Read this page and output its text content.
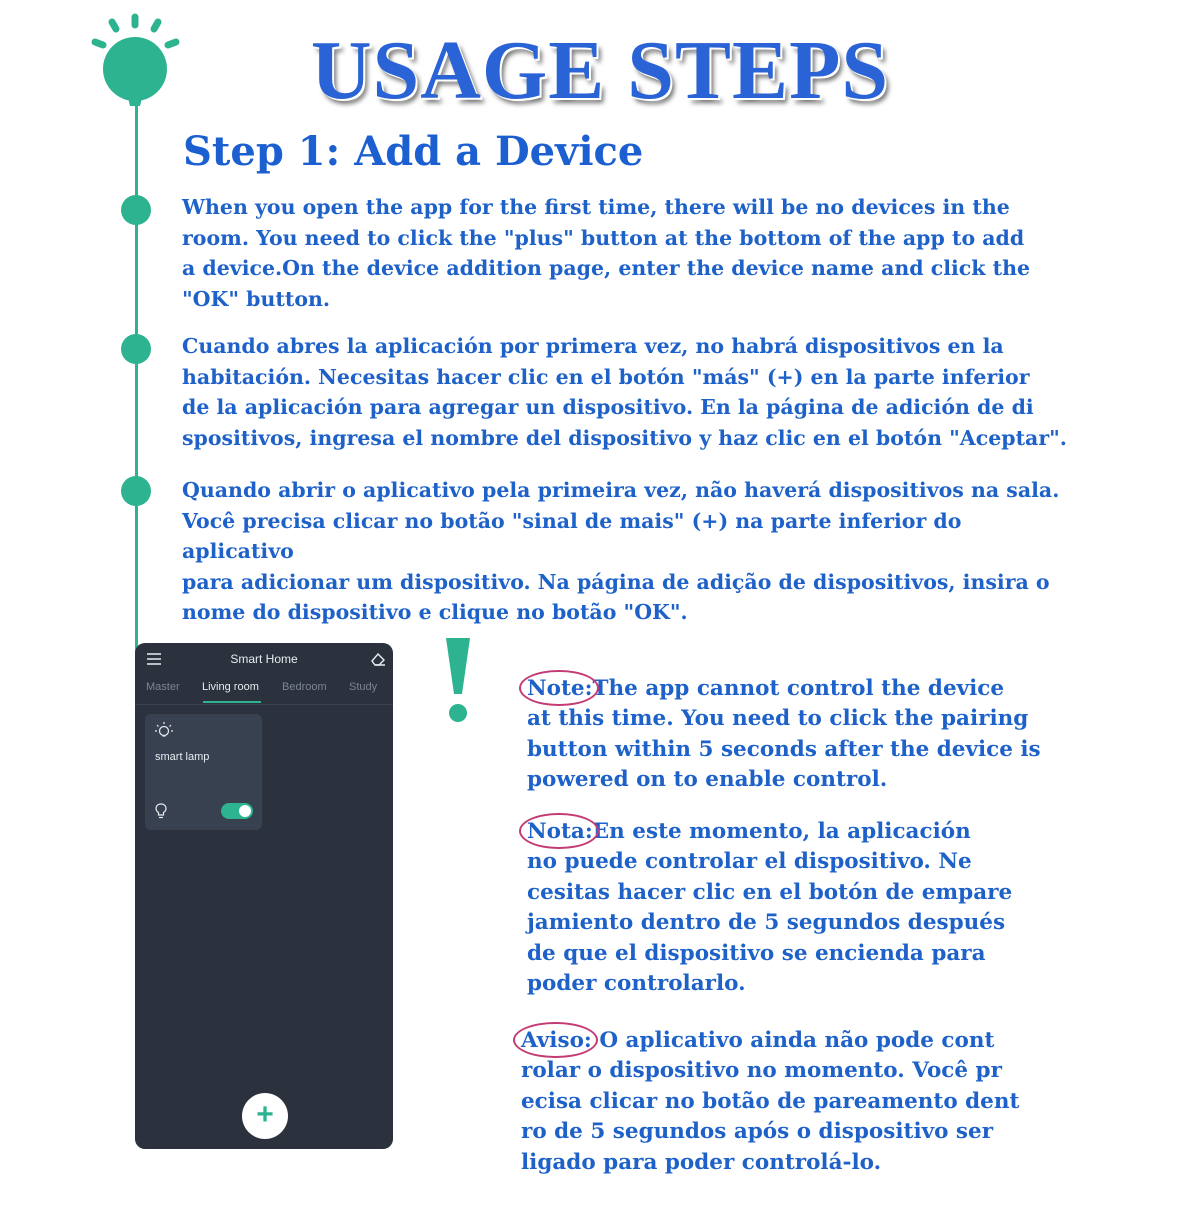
USAGE STEPS
Step 1: Add a Device
When you open the app for the first time, there will be no devices in the
room. You need to click the "plus" button at the bottom of the app to add
a device.On the device addition page, enter the device name and click the
"OK" button.
Cuando abres la aplicación por primera vez, no habrá dispositivos en la
habitación. Necesitas hacer clic en el botón "más" (+) en la parte inferior
de la aplicación para agregar un dispositivo. En la página de adición de di
spositivos, ingresa el nombre del dispositivo y haz clic en el botón "Aceptar".
Quando abrir o aplicativo pela primeira vez, não haverá dispositivos na sala.
Você precisa clicar no botão "sinal de mais" (+) na parte inferior do aplicativo
para adicionar um dispositivo. Na página de adição de dispositivos, insira o
nome do dispositivo e clique no botão "OK".
Smart Home
Master Living room Bedroom Study
smart lamp
+

Note:The app cannot control the device

at this time. You need to click the pairing
button within 5 seconds after the device is
powered on to enable control.

Nota:En este momento, la aplicación

no puede controlar el dispositivo. Ne
cesitas hacer clic en el botón de empare
jamiento dentro de 5 segundos después
de que el dispositivo se encienda para
poder controlarlo.

Aviso: O aplicativo ainda não pode cont

rolar o dispositivo no momento. Você pr
ecisa clicar no botão de pareamento dent
ro de 5 segundos após o dispositivo ser
ligado para poder controlá-lo.
